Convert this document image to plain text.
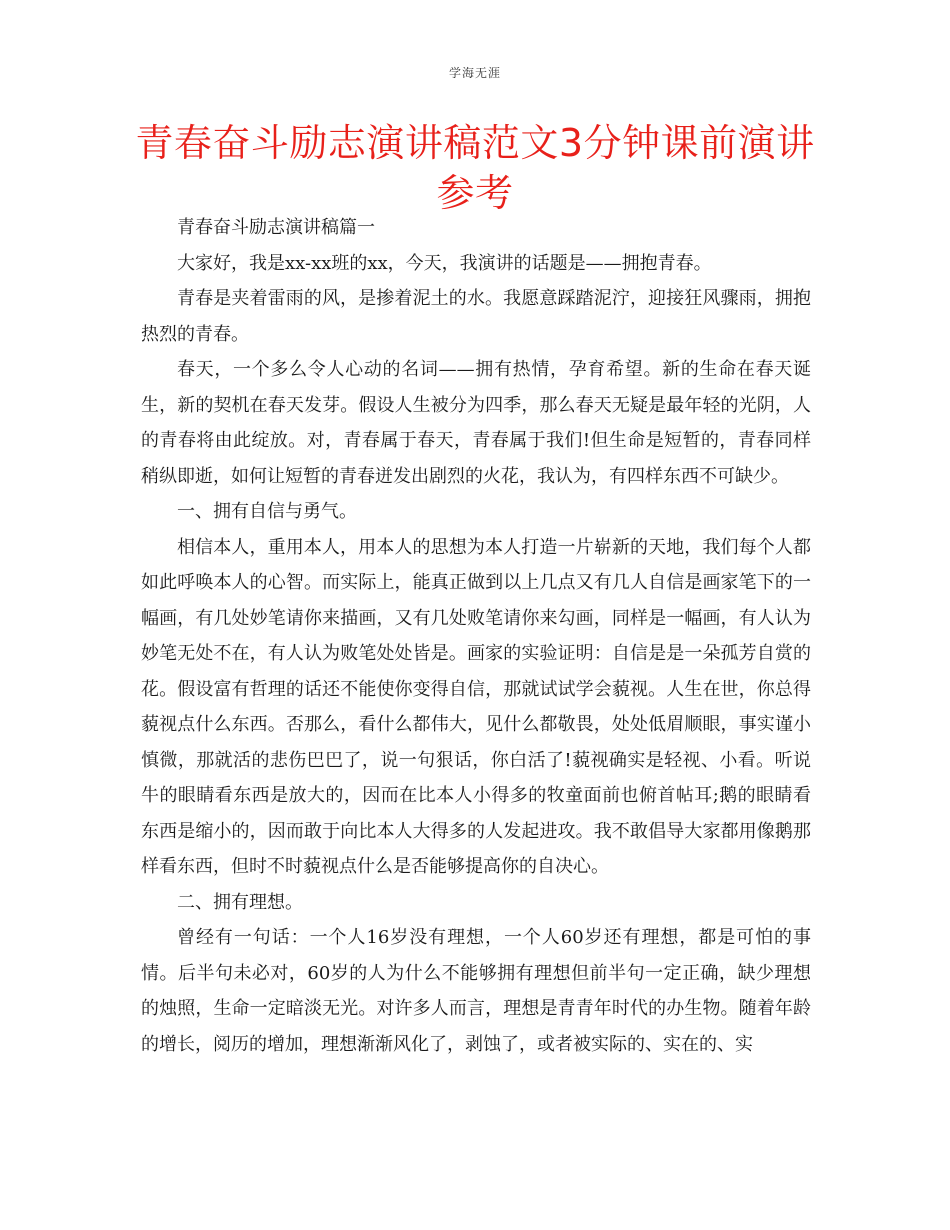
学海无涯
青春奋斗励志演讲稿范文3分钟课前演讲参考

青春奋斗励志演讲稿篇一

大家好，我是xx-xx班的xx，今天，我演讲的话题是——拥抱青春。

青春是夹着雷雨的风，是掺着泥土的水。我愿意踩踏泥泞，迎接狂风骤雨，拥抱热烈的青春。

春天，一个多么令人心动的名词——拥有热情，孕育希望。新的生命在春天诞生，新的契机在春天发芽。假设人生被分为四季，那么春天无疑是最年轻的光阴，人的青春将由此绽放。对，青春属于春天，青春属于我们!但生命是短暂的，青春同样稍纵即逝，如何让短暂的青春迸发出剧烈的火花，我认为，有四样东西不可缺少。

一、拥有自信与勇气。

相信本人，重用本人，用本人的思想为本人打造一片崭新的天地，我们每个人都如此呼唤本人的心智。而实际上，能真正做到以上几点又有几人自信是画家笔下的一幅画，有几处妙笔请你来描画，又有几处败笔请你来勾画，同样是一幅画，有人认为妙笔无处不在，有人认为败笔处处皆是。画家的实验证明：自信是是一朵孤芳自赏的花。假设富有哲理的话还不能使你变得自信，那就试试学会藐视。人生在世，你总得藐视点什么东西。否那么，看什么都伟大，见什么都敬畏，处处低眉顺眼，事实谨小慎微，那就活的悲伤巴巴了，说一句狠话，你白活了!藐视确实是轻视、小看。听说牛的眼睛看东西是放大的，因而在比本人小得多的牧童面前也俯首帖耳;鹅的眼睛看东西是缩小的，因而敢于向比本人大得多的人发起进攻。我不敢倡导大家都用像鹅那样看东西，但时不时藐视点什么是否能够提高你的自决心。

二、拥有理想。

曾经有一句话：一个人16岁没有理想，一个人60岁还有理想，都是可怕的事情。后半句未必对，60岁的人为什么不能够拥有理想但前半句一定正确，缺少理想的烛照，生命一定暗淡无光。对许多人而言，理想是青青年时代的办生物。随着年龄的增长，阅历的增加，理想渐渐风化了，剥蚀了，或者被实际的、实在的、实
